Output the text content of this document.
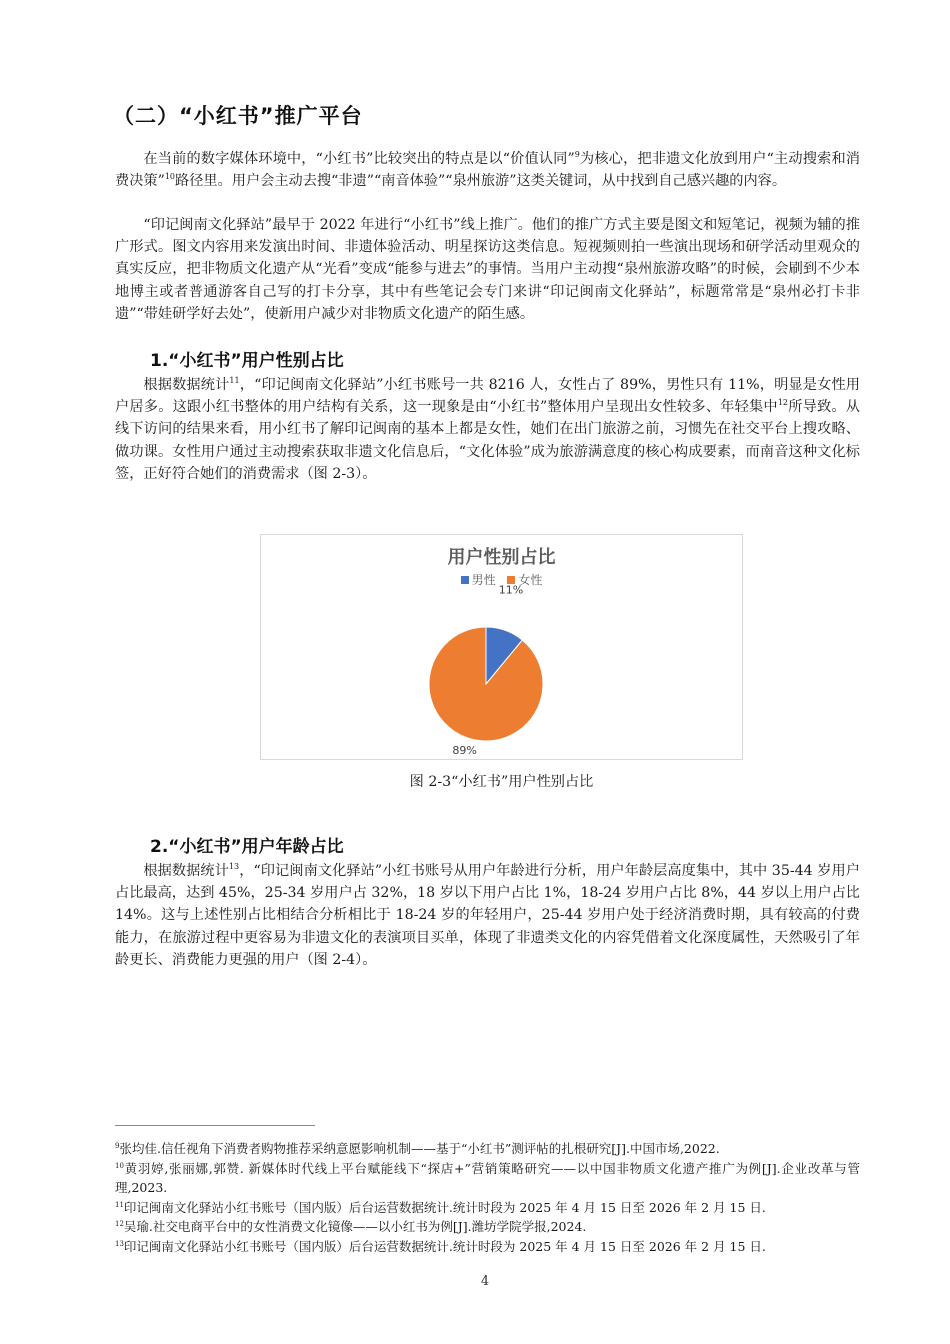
（二）“小红书”推广平台

在当前的数字媒体环境中，“小红书”比较突出的特点是以“价值认同”$^9$为核心，把非遗文化放到用户“主动搜索和消费决策”$^{10}$路径里。用户会主动去搜“非遗”“南音体验”“泉州旅游”这类关键词，从中找到自己感兴趣的内容。

“印记闽南文化驿站”最早于 2022 年进行“小红书”线上推广。他们的推广方式主要是图文和短笔记，视频为辅的推广形式。图文内容用来发演出时间、非遗体验活动、明星探访这类信息。短视频则拍一些演出现场和研学活动里观众的真实反应，把非物质文化遗产从“光看”变成“能参与进去”的事情。当用户主动搜“泉州旅游攻略”的时候，会刷到不少本地博主或者普通游客自己写的打卡分享，其中有些笔记会专门来讲“印记闽南文化驿站”，标题常常是“泉州必打卡非遗”“带娃研学好去处”，使新用户减少对非物质文化遗产的陌生感。

1.“小红书”用户性别占比

根据数据统计$^{11}$，“印记闽南文化驿站”小红书账号一共 8216 人，女性占了 89%，男性只有 11%，明显是女性用户居多。这跟小红书整体的用户结构有关系，这一现象是由“小红书”整体用户呈现出女性较多、年轻集中$^{12}$所导致。从线下访问的结果来看，用小红书了解印记闽南的基本上都是女性，她们在出门旅游之前，习惯先在社交平台上搜攻略、做功课。女性用户通过主动搜索获取非遗文化信息后，“文化体验”成为旅游满意度的核心构成要素，而南音这种文化标签，正好符合她们的消费需求（图 2-3）。

用户性别占比
男性 女性
11%
89%
图 2-3“小红书”用户性别占比
2.“小红书”用户年龄占比

根据数据统计$^{13}$，“印记闽南文化驿站”小红书账号从用户年龄进行分析，用户年龄层高度集中，其中 35-44 岁用户占比最高，达到 45%，25-34 岁用户占 32%，18 岁以下用户占比 1%，18-24 岁用户占比 8%，44 岁以上用户占比 14%。这与上述性别占比相结合分析相比于 18-24 岁的年轻用户，25-44 岁用户处于经济消费时期，具有较高的付费能力，在旅游过程中更容易为非遗文化的表演项目买单，体现了非遗类文化的内容凭借着文化深度属性，天然吸引了年龄更长、消费能力更强的用户（图 2-4）。

$^9$张均佳.信任视角下消费者购物推荐采纳意愿影响机制——基于“小红书”测评帖的扎根研究[J].中国市场,2022.

$^{10}$黄羽婷,张丽娜,郭赞. 新媒体时代线上平台赋能线下“探店+”营销策略研究——以中国非物质文化遗产推广为例[J].企业改革与管理,2023.

$^{11}$印记闽南文化驿站小红书账号（国内版）后台运营数据统计.统计时段为 2025 年 4 月 15 日至 2026 年 2 月 15 日.

$^{12}$吴瑜.社交电商平台中的女性消费文化镜像——以小红书为例[J].潍坊学院学报,2024.

$^{13}$印记闽南文化驿站小红书账号（国内版）后台运营数据统计.统计时段为 2025 年 4 月 15 日至 2026 年 2 月 15 日.

4
